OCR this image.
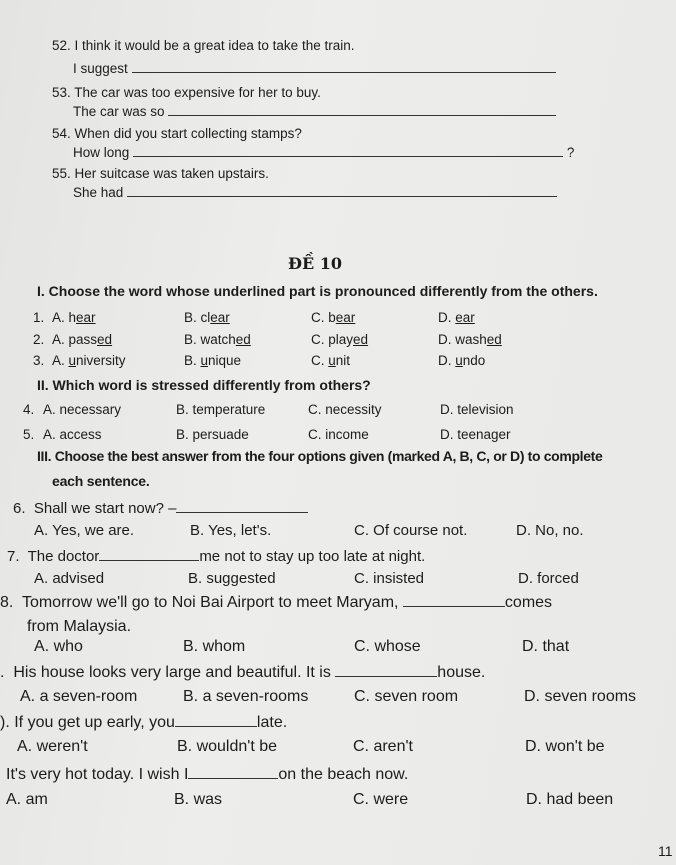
52. I think it would be a great idea to take the train.
I suggest
53. The car was too expensive for her to buy.
The car was so
54. When did you start collecting stamps?
How long	?
55. Her suitcase was taken upstairs.
She had
ĐỀ 10
I. Choose the word whose underlined part is pronounced differently from the others.
1. A. hear	B. clear	C. bear	D. ear
2. A. passed	B. watched	C. played	D. washed
3. A. university	B. unique	C. unit	D. undo
II. Which word is stressed differently from others?
4. A. necessary	B. temperature	C. necessity	D. television
5. A. access	B. persuade	C. income	D. teenager
III. Choose the best answer from the four options given (marked A, B, C, or D) to complete
each sentence.
6. Shall we start now? –
A. Yes, we are.	B. Yes, let's.	C. Of course not.	D. No, no.
7. The doctor	me not to stay up too late at night.
A. advised	B. suggested	C. insisted	D. forced
8. Tomorrow we'll go to Noi Bai Airport to meet Maryam,	comes
from Malaysia.
A. who	B. whom	C. whose	D. that
. His house looks very large and beautiful. It is	house.
A. a seven-room	B. a seven-rooms	C. seven room	D. seven rooms
). If you get up early, you	late.
A. weren't	B. wouldn't be	C. aren't	D. won't be
It's very hot today. I wish I	on the beach now.
A. am	B. was	C. were	D. had been
11
